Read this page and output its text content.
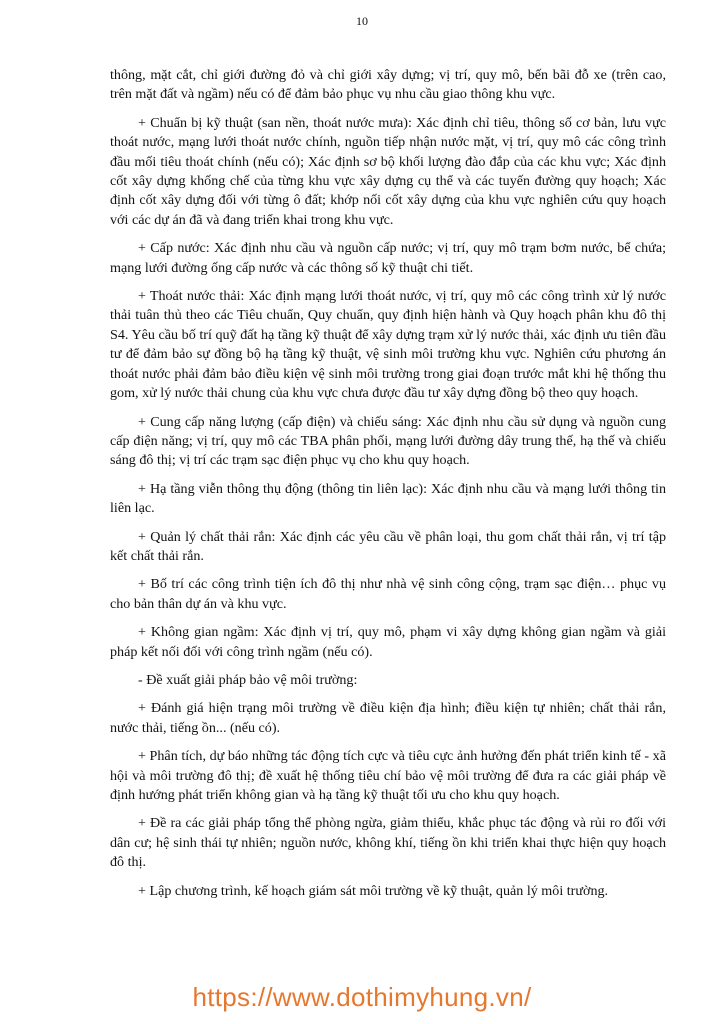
10

thông, mặt cắt, chỉ giới đường đỏ và chỉ giới xây dựng; vị trí, quy mô, bến bãi đỗ xe (trên cao, trên mặt đất và ngầm) nếu có để đảm bảo phục vụ nhu cầu giao thông khu vực.

+ Chuẩn bị kỹ thuật (san nền, thoát nước mưa): Xác định chỉ tiêu, thông số cơ bản, lưu vực thoát nước, mạng lưới thoát nước chính, nguồn tiếp nhận nước mặt, vị trí, quy mô các công trình đầu mối tiêu thoát chính (nếu có); Xác định sơ bộ khối lượng đào đắp của các khu vực; Xác định cốt xây dựng khống chế của từng khu vực xây dựng cụ thể và các tuyến đường quy hoạch; Xác định cốt xây dựng đối với từng ô đất; khớp nối cốt xây dựng của khu vực nghiên cứu quy hoạch với các dự án đã và đang triển khai trong khu vực.

+ Cấp nước: Xác định nhu cầu và nguồn cấp nước; vị trí, quy mô trạm bơm nước, bể chứa; mạng lưới đường ống cấp nước và các thông số kỹ thuật chi tiết.

+ Thoát nước thải: Xác định mạng lưới thoát nước, vị trí, quy mô các công trình xử lý nước thải tuân thủ theo các Tiêu chuẩn, Quy chuẩn, quy định hiện hành và Quy hoạch phân khu đô thị S4. Yêu cầu bố trí quỹ đất hạ tầng kỹ thuật để xây dựng trạm xử lý nước thải, xác định ưu tiên đầu tư để đảm bảo sự đồng bộ hạ tầng kỹ thuật, vệ sinh môi trường khu vực. Nghiên cứu phương án thoát nước phải đảm bảo điều kiện vệ sinh môi trường trong giai đoạn trước mắt khi hệ thống thu gom, xử lý nước thải chung của khu vực chưa được đầu tư xây dựng đồng bộ theo quy hoạch.

+ Cung cấp năng lượng (cấp điện) và chiếu sáng: Xác định nhu cầu sử dụng và nguồn cung cấp điện năng; vị trí, quy mô các TBA phân phối, mạng lưới đường dây trung thế, hạ thế và chiếu sáng đô thị; vị trí các trạm sạc điện phục vụ cho khu quy hoạch.

+ Hạ tầng viễn thông thụ động (thông tin liên lạc): Xác định nhu cầu và mạng lưới thông tin liên lạc.

+ Quản lý chất thải rắn: Xác định các yêu cầu về phân loại, thu gom chất thải rắn, vị trí tập kết chất thải rắn.

+ Bố trí các công trình tiện ích đô thị như nhà vệ sinh công cộng, trạm sạc điện… phục vụ cho bản thân dự án và khu vực.

+ Không gian ngầm: Xác định vị trí, quy mô, phạm vi xây dựng không gian ngầm và giải pháp kết nối đối với công trình ngầm (nếu có).

- Đề xuất giải pháp bảo vệ môi trường:

+ Đánh giá hiện trạng môi trường về điều kiện địa hình; điều kiện tự nhiên; chất thải rắn, nước thải, tiếng ồn... (nếu có).

+ Phân tích, dự báo những tác động tích cực và tiêu cực ảnh hưởng đến phát triển kinh tế - xã hội và môi trường đô thị; đề xuất hệ thống tiêu chí bảo vệ môi trường để đưa ra các giải pháp về định hướng phát triển không gian và hạ tầng kỹ thuật tối ưu cho khu quy hoạch.

+ Đề ra các giải pháp tổng thể phòng ngừa, giảm thiểu, khắc phục tác động và rủi ro đối với dân cư; hệ sinh thái tự nhiên; nguồn nước, không khí, tiếng ồn khi triển khai thực hiện quy hoạch đô thị.

+ Lập chương trình, kế hoạch giám sát môi trường về kỹ thuật, quản lý môi trường.

https://www.dothimyhung.vn/
